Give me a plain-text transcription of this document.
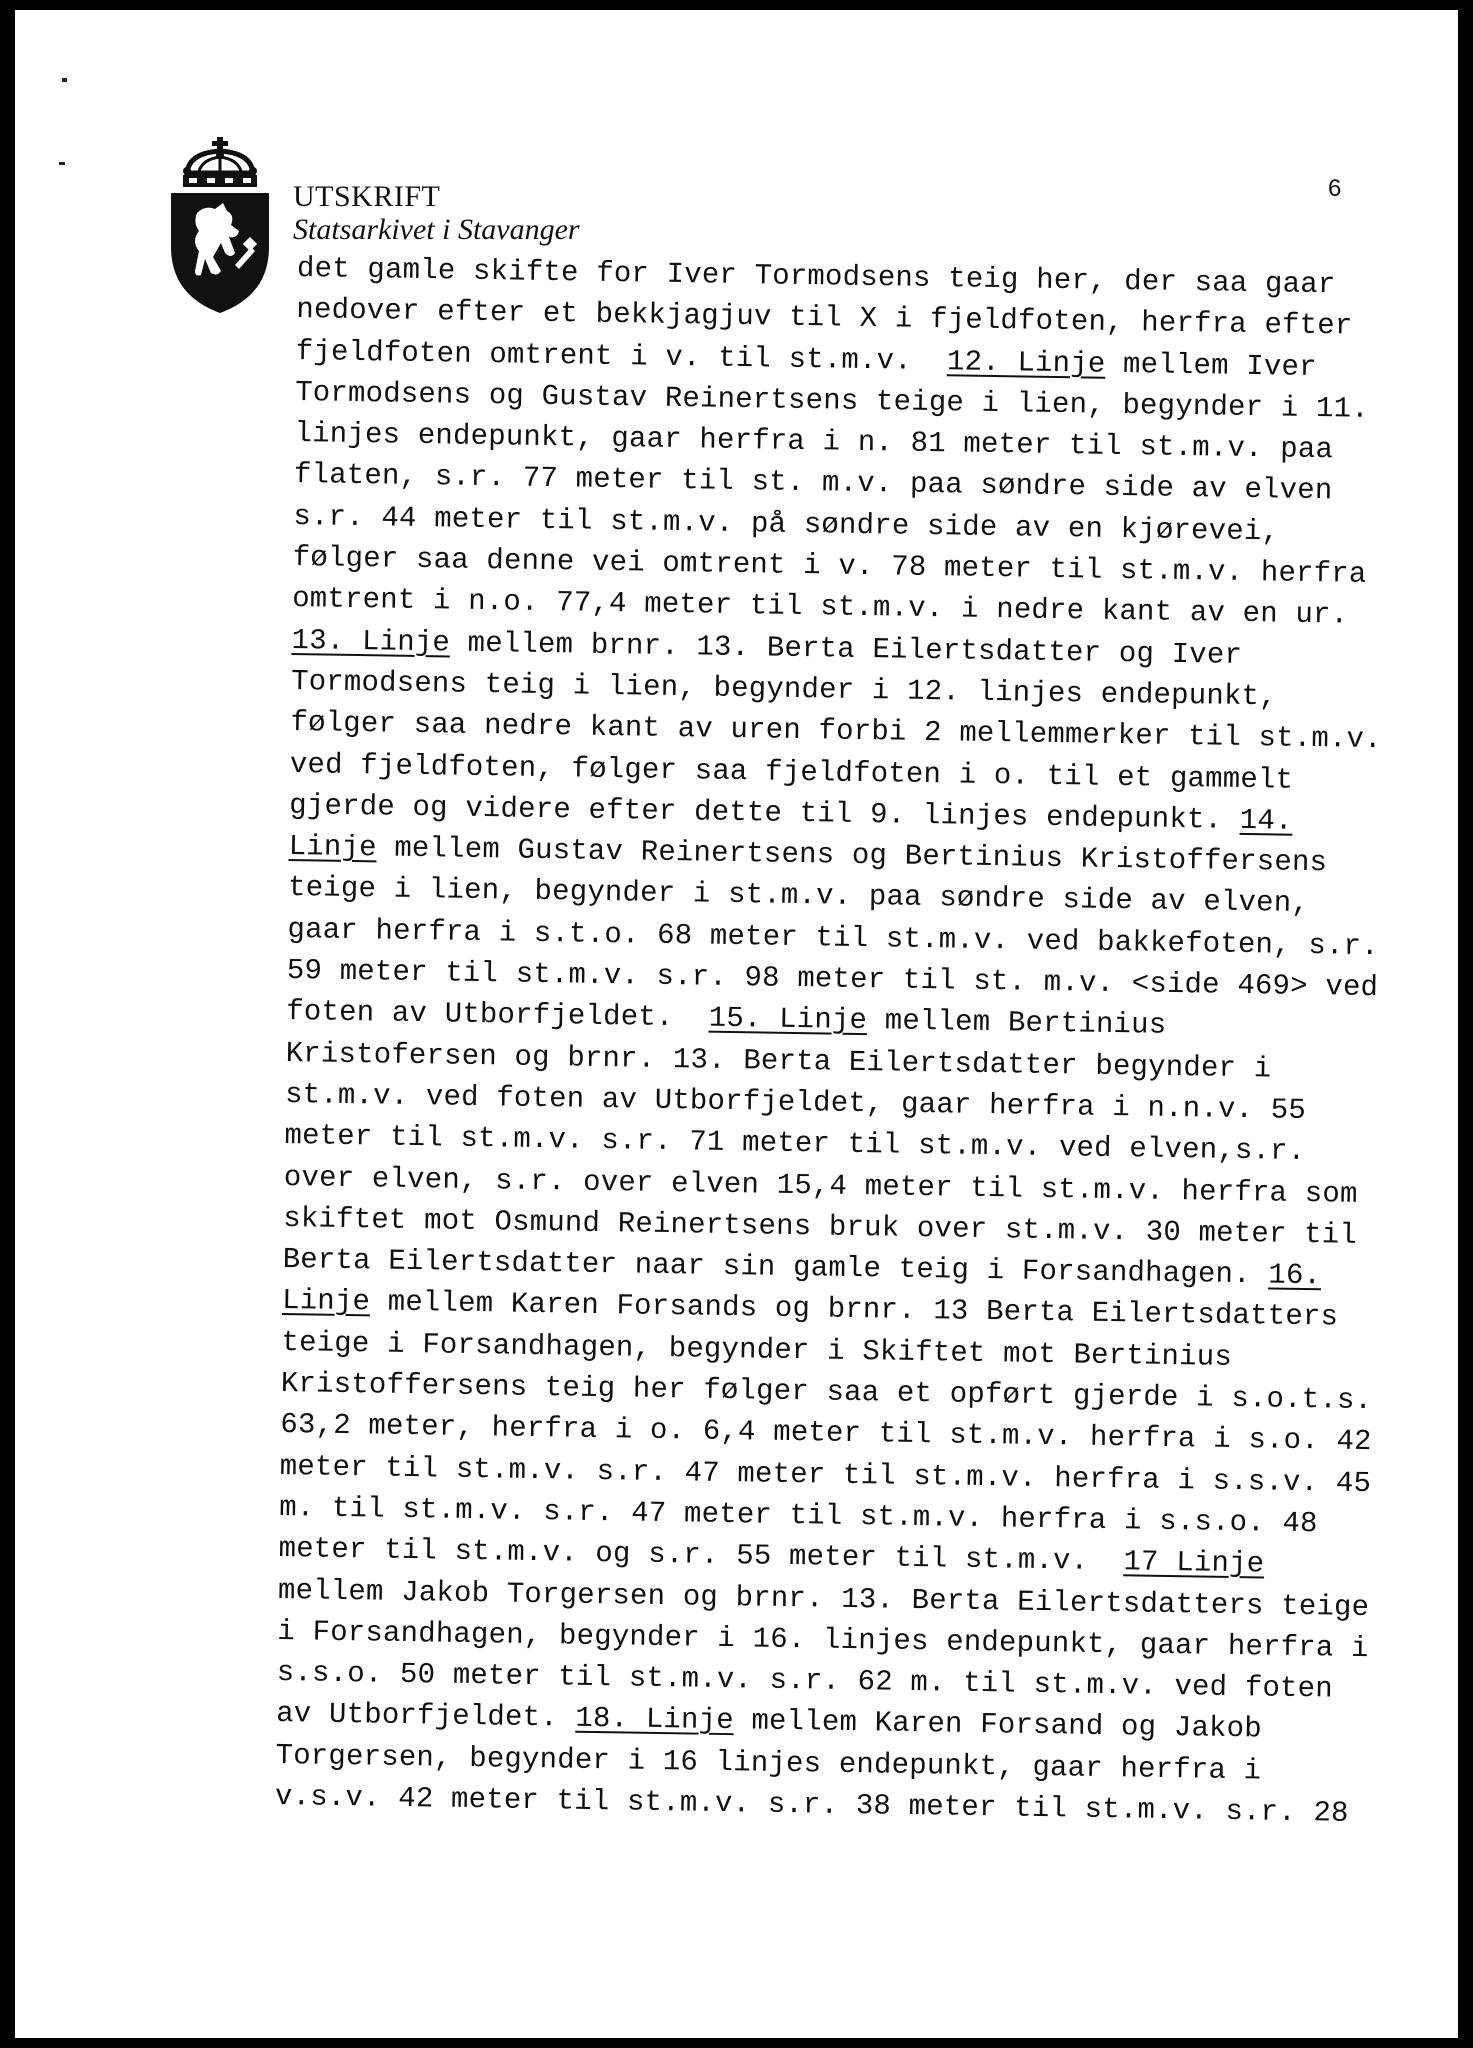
UTSKRIFT
Statsarkivet i Stavanger
6
det gamle skifte for Iver Tormodsens teig her, der saa gaar
nedover efter et bekkjagjuv til X i fjeldfoten, herfra efter
fjeldfoten omtrent i v. til st.m.v.  12. Linje mellem Iver
Tormodsens og Gustav Reinertsens teige i lien, begynder i 11.
linjes endepunkt, gaar herfra i n. 81 meter til st.m.v. paa
flaten, s.r. 77 meter til st. m.v. paa søndre side av elven
s.r. 44 meter til st.m.v. på søndre side av en kjørevei,
følger saa denne vei omtrent i v. 78 meter til st.m.v. herfra
omtrent i n.o. 77,4 meter til st.m.v. i nedre kant av en ur.
13. Linje mellem brnr. 13. Berta Eilertsdatter og Iver
Tormodsens teig i lien, begynder i 12. linjes endepunkt,
følger saa nedre kant av uren forbi 2 mellemmerker til st.m.v.
ved fjeldfoten, følger saa fjeldfoten i o. til et gammelt
gjerde og videre efter dette til 9. linjes endepunkt. 14.
Linje mellem Gustav Reinertsens og Bertinius Kristoffersens
teige i lien, begynder i st.m.v. paa søndre side av elven,
gaar herfra i s.t.o. 68 meter til st.m.v. ved bakkefoten, s.r.
59 meter til st.m.v. s.r. 98 meter til st. m.v. <side 469> ved
foten av Utborfjeldet.  15. Linje mellem Bertinius
Kristofersen og brnr. 13. Berta Eilertsdatter begynder i
st.m.v. ved foten av Utborfjeldet, gaar herfra i n.n.v. 55
meter til st.m.v. s.r. 71 meter til st.m.v. ved elven,s.r.
over elven, s.r. over elven 15,4 meter til st.m.v. herfra som
skiftet mot Osmund Reinertsens bruk over st.m.v. 30 meter til
Berta Eilertsdatter naar sin gamle teig i Forsandhagen. 16.
Linje mellem Karen Forsands og brnr. 13 Berta Eilertsdatters
teige i Forsandhagen, begynder i Skiftet mot Bertinius
Kristoffersens teig her følger saa et opført gjerde i s.o.t.s.
63,2 meter, herfra i o. 6,4 meter til st.m.v. herfra i s.o. 42
meter til st.m.v. s.r. 47 meter til st.m.v. herfra i s.s.v. 45
m. til st.m.v. s.r. 47 meter til st.m.v. herfra i s.s.o. 48
meter til st.m.v. og s.r. 55 meter til st.m.v.  17 Linje
mellem Jakob Torgersen og brnr. 13. Berta Eilertsdatters teige
i Forsandhagen, begynder i 16. linjes endepunkt, gaar herfra i
s.s.o. 50 meter til st.m.v. s.r. 62 m. til st.m.v. ved foten
av Utborfjeldet. 18. Linje mellem Karen Forsand og Jakob
Torgersen, begynder i 16 linjes endepunkt, gaar herfra i
v.s.v. 42 meter til st.m.v. s.r. 38 meter til st.m.v. s.r. 28
